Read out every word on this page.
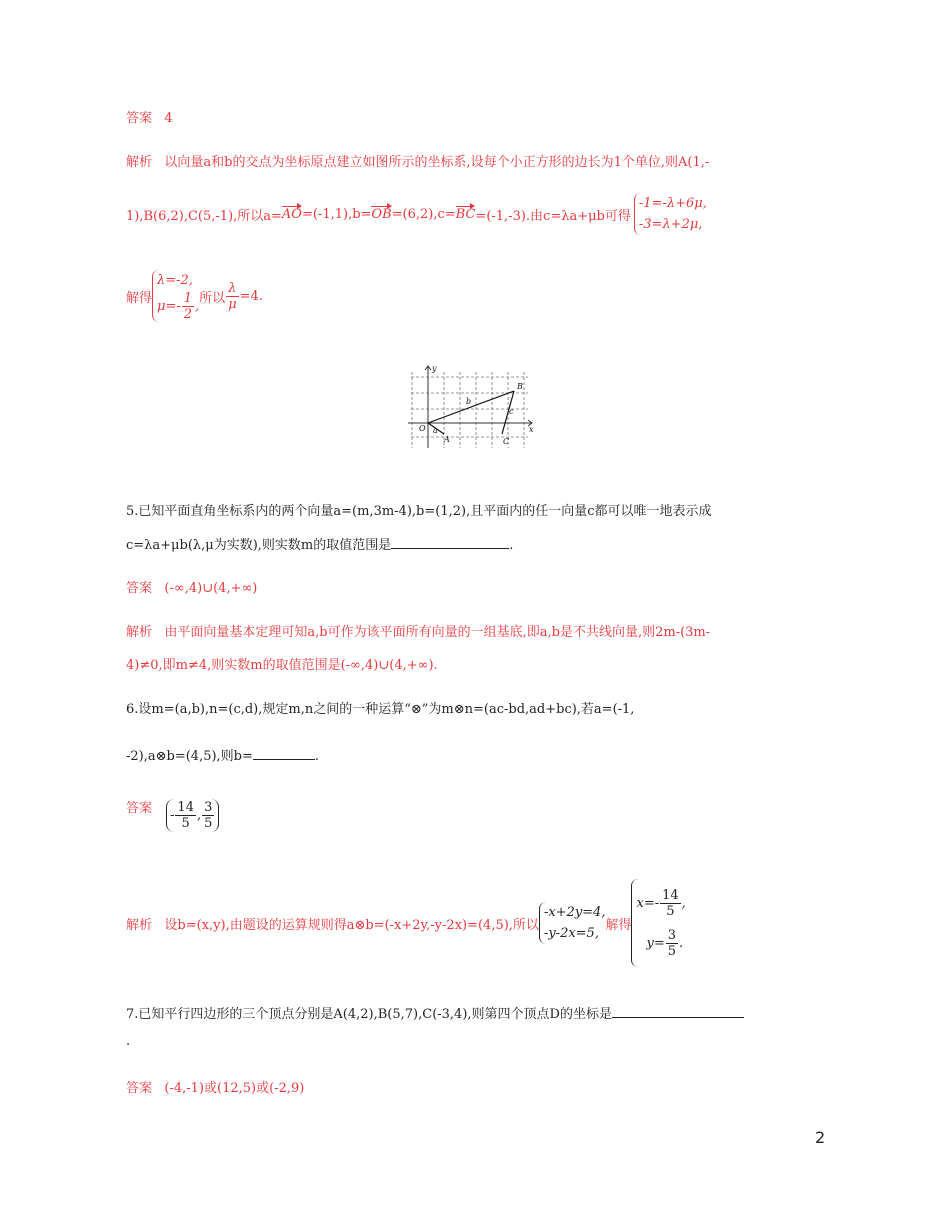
答案 4
解析 以向量a和b的交点为坐标原点建立如图所示的坐标系,设每个小正方形的边长为1个单位,则A(1,-
1),B(6,2),C(5,-1),所以a= AO =(-1,1),b= OB =(6,2),c= BC =(-1,-3).由c=λa+μb可得
-1=-λ+6μ,
-3=λ+2μ,
解得
λ=-2,
$\mu=- \frac{1}{2}$ ,
所以 $\frac{\lambda}{\mu} =4$.
y
x
O
A
B
C
a
b
c
5.已知平面直角坐标系内的两个向量a=(m,3m-4),b=(1,2),且平面内的任一向量c都可以唯一地表示成
c=λa+μb(λ,μ为实数),则实数m的取值范围是	.
答案 (-∞,4)∪(4,+∞)
解析 由平面向量基本定理可知a,b可作为该平面所有向量的一组基底,即a,b是不共线向量,则2m-(3m-
4)≠0,即m≠4,则实数m的取值范围是(-∞,4)∪(4,+∞).
6.设m=(a,b),n=(c,d),规定m,n之间的一种运算“⊗”为m⊗n=(ac-bd,ad+bc),若a=(-1,
-2),a⊗b=(4,5),则b=	.
答案 - $\frac{14}{5}$ , $\frac{3}{5}$
解析
设b=(x,y),由题设的运算规则得a⊗b=(-x+2y,-y-2x)=(4,5),所以
-x+2y=4,
-y-2x=5,
解得
$x=- \frac{14}{5}$ ,
$y= \frac{3}{5}$ .
7.已知平行四边形的三个顶点分别是A(4,2),B(5,7),C(-3,4),则第四个顶点D的坐标是
.
答案 (-4,-1)或(12,5)或(-2,9)
2
